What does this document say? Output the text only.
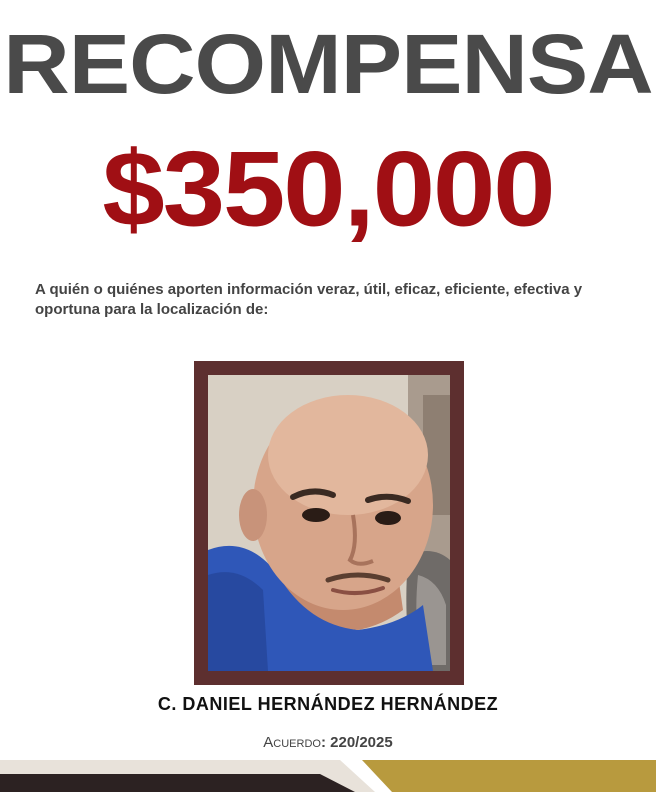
RECOMPENSA
$350,000
A quién o quiénes aporten información veraz, útil, eficaz, eficiente, efectiva y oportuna para la localización de:
C. DANIEL HERNÁNDEZ HERNÁNDEZ
Acuerdo: 220/2025
